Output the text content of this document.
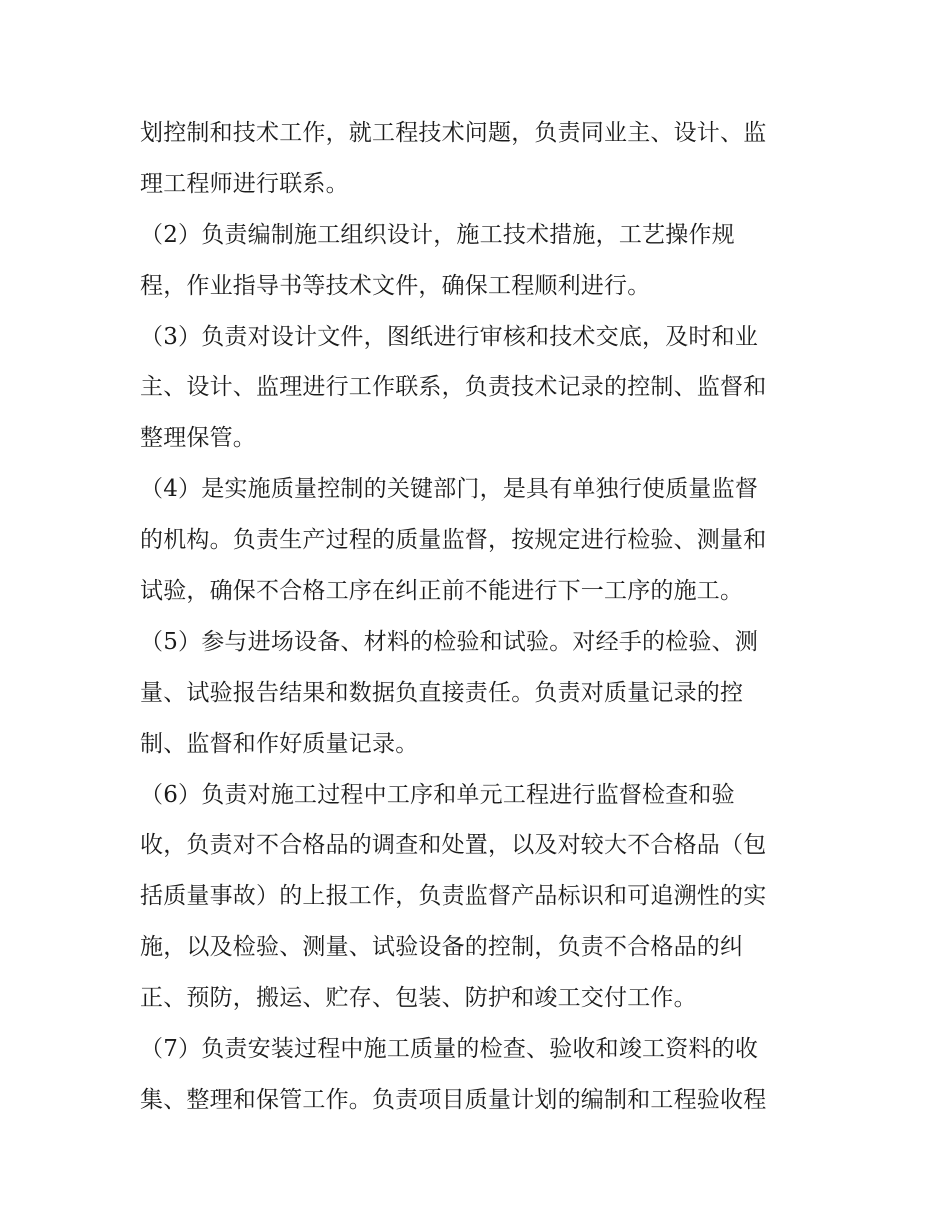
划控制和技术工作，就工程技术问题，负责同业主、设计、监
理工程师进行联系。

（2）负责编制施工组织设计，施工技术措施，工艺操作规
程，作业指导书等技术文件，确保工程顺利进行。

（3）负责对设计文件，图纸进行审核和技术交底，及时和业
主、设计、监理进行工作联系，负责技术记录的控制、监督和
整理保管。

（4）是实施质量控制的关键部门，是具有单独行使质量监督
的机构。负责生产过程的质量监督，按规定进行检验、测量和
试验，确保不合格工序在纠正前不能进行下一工序的施工。

（5）参与进场设备、材料的检验和试验。对经手的检验、测
量、试验报告结果和数据负直接责任。负责对质量记录的控
制、监督和作好质量记录。

（6）负责对施工过程中工序和单元工程进行监督检查和验
收，负责对不合格品的调查和处置，以及对较大不合格品（包
括质量事故）的上报工作，负责监督产品标识和可追溯性的实
施，以及检验、测量、试验设备的控制，负责不合格品的纠
正、预防，搬运、贮存、包装、防护和竣工交付工作。

（7）负责安装过程中施工质量的检查、验收和竣工资料的收
集、整理和保管工作。负责项目质量计划的编制和工程验收程
